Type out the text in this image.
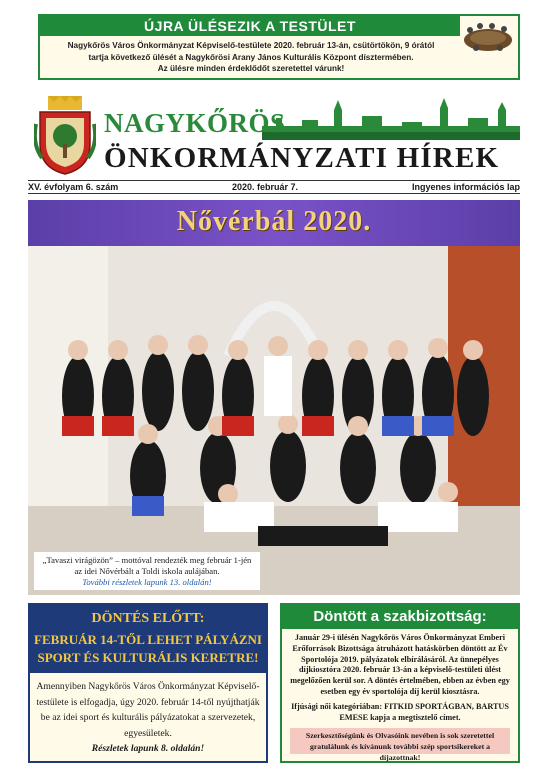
ÚJRA ÜLÉSEZIK A TESTÜLET
Nagykőrös Város Önkormányzat Képviselő-testülete 2020. február 13-án, csütörtökön, 9 órától
tartja következő ülését a Nagykőrösi Arany János Kulturális Központ dísztermében.
Az ülésre minden érdeklődőt szeretettel várunk!
NAGYKŐRÖS
ÖNKORMÁNYZATI HÍREK
XV. évfolyam 6. szám	2020. február 7.	Ingyenes információs lap
Nővérbál 2020.
„Tavaszi virágözön” – mottóval rendezték meg február 1-jén
az idei Nővérbált a Toldi iskola aulájában.
További részletek lapunk 13. oldalán!
DÖNTÉS ELŐTT:
FEBRUÁR 14-TŐL LEHET PÁLYÁZNI SPORT ÉS KULTURÁLIS KERETRE!
Amennyiben Nagykőrös Város Önkormányzat Képviselő-testülete is elfogadja, úgy 2020. február 14-től nyújthatják be az idei sport és kulturális pályázatokat a szervezetek, egyesületek.
Részletek lapunk 8. oldalán!
Döntött a szakbizottság:
Január 29-i ülésén Nagykőrös Város Önkormányzat Emberi Erőforrások Bizottsága átruházott hatáskörben döntött az Év Sportolója 2019. pályázatok elbírálásáról. Az ünnepélyes díjkiosztóra 2020. február 13-án a képviselő-testületi ülést megelőzően kerül sor. A döntés értelmében, ebben az évben egy esetben egy év sportolója díj kerül kiosztásra.
Ifjúsági női kategóriában: FITKID SPORTÁGBAN, BARTUS EMESE kapja a megtisztelő címet.
Szerkesztőségünk és Olvasóink nevében is sok szeretettel gratulálunk és kívánunk további szép sportsikereket a díjazottnak!
